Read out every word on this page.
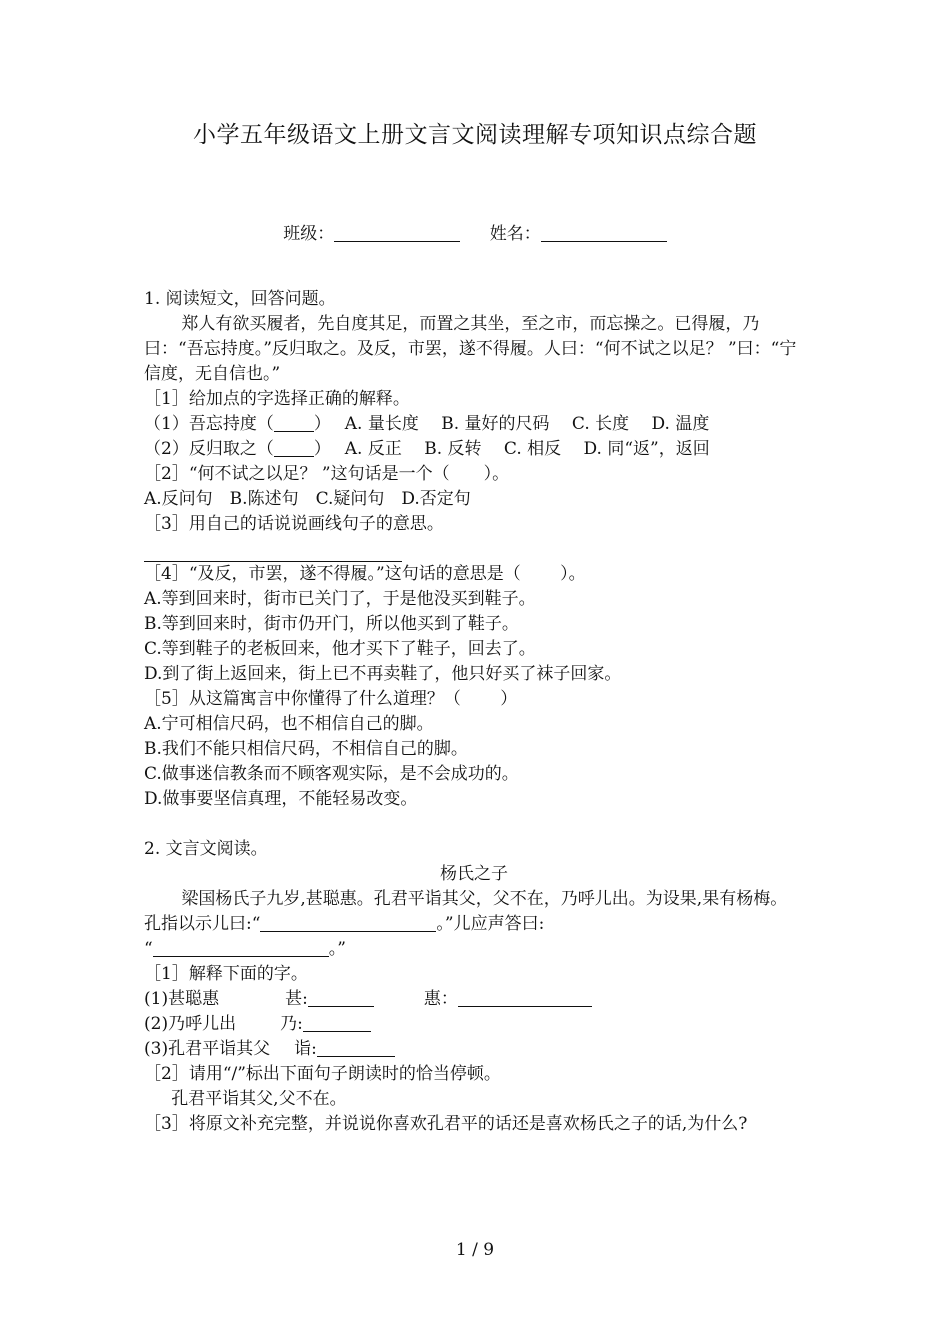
小学五年级语文上册文言文阅读理解专项知识点综合题
班级：	姓名：

1. 阅读短文，回答问题。

郑人有欲买履者，先自度其足，而置之其坐，至之市，而忘操之。已得履，乃曰：“吾忘持度。”反归取之。及反，市罢，遂不得履。人曰：“何不试之以足？ ”曰：“宁信度，无自信也。”

［1］给加点的字选择正确的解释。

（1）吾忘持度（ ）　 A. 量长度　 B. 量好的尺码　 C. 长度　 D. 温度

（2）反归取之（ ）　 A. 反正　 B. 反转　 C. 相反　 D. 同“返”，返回

［2］“何不试之以足？ ”这句话是一个（　　）。

A.反问句　B.陈述句　C.疑问句　D.否定句

［3］用自己的话说说画线句子的意思。

［4］“及反，市罢，遂不得履。”这句话的意思是（　　 ）。

A.等到回来时，街市已关门了，于是他没买到鞋子。

B.等到回来时，街市仍开门，所以他买到了鞋子。

C.等到鞋子的老板回来，他才买下了鞋子，回去了。

D.到了街上返回来，街上已不再卖鞋了，他只好买了袜子回家。

［5］从这篇寓言中你懂得了什么道理？（　　 ）

A.宁可相信尺码，也不相信自己的脚。

B.我们不能只相信尺码，不相信自己的脚。

C.做事迷信教条而不顾客观实际，是不会成功的。

D.做事要坚信真理，不能轻易改变。

2. 文言文阅读。

杨氏之子

梁国杨氏子九岁,甚聪惠。孔君平诣其父，父不在，乃呼儿出。为设果,果有杨梅。孔指以示儿曰:“	。”儿应声答曰:

“	。”

［1］解释下面的字。

(1)甚聪惠	甚:	惠：

(2)乃呼儿出	乃:

(3)孔君平诣其父 诣:

［2］请用“/”标出下面句子朗读时的恰当停顿。

孔君平诣其父,父不在。

［3］将原文补充完整，并说说你喜欢孔君平的话还是喜欢杨氏之子的话,为什么?

1 / 9
